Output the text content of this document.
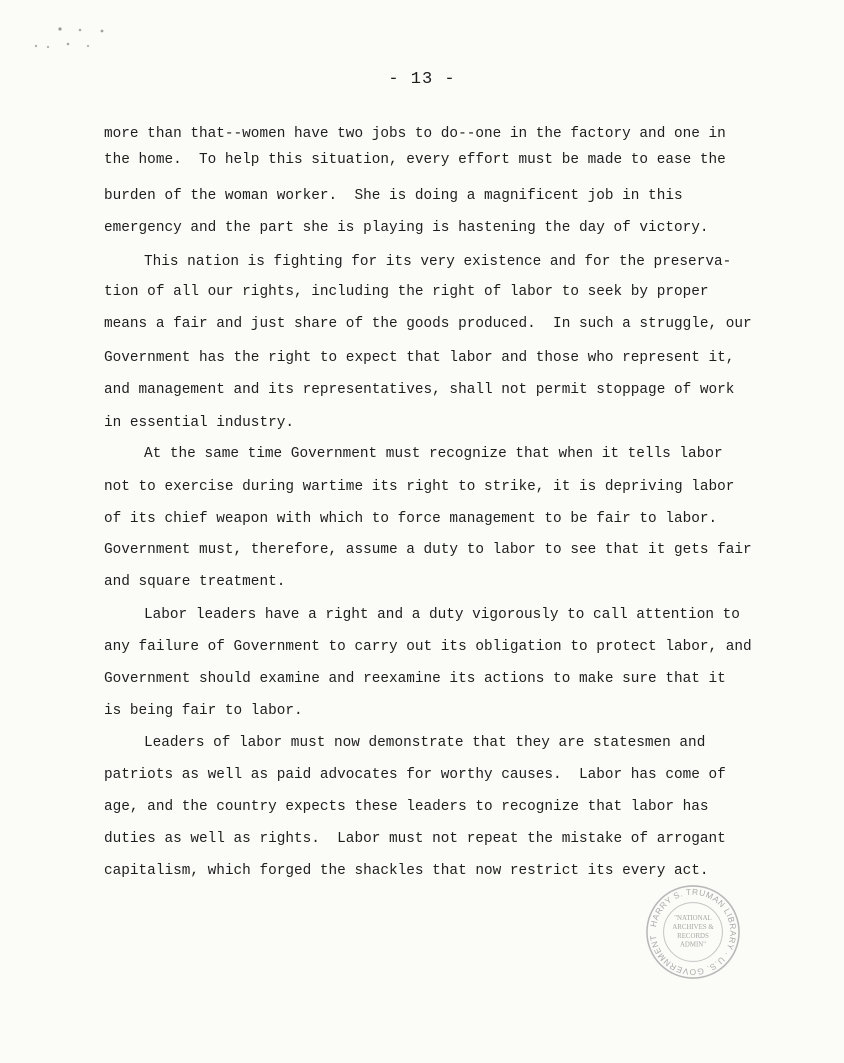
- 13 -
more than that--women have two jobs to do--one in the factory and one in
the home.  To help this situation, every effort must be made to ease the
burden of the woman worker.  She is doing a magnificent job in this
emergency and the part she is playing is hastening the day of victory.
This nation is fighting for its very existence and for the preserva-
tion of all our rights, including the right of labor to seek by proper
means a fair and just share of the goods produced.  In such a struggle, our
Government has the right to expect that labor and those who represent it,
and management and its representatives, shall not permit stoppage of work
in essential industry.
At the same time Government must recognize that when it tells labor
not to exercise during wartime its right to strike, it is depriving labor
of its chief weapon with which to force management to be fair to labor.
Government must, therefore, assume a duty to labor to see that it gets fair
and square treatment.
Labor leaders have a right and a duty vigorously to call attention to
any failure of Government to carry out its obligation to protect labor, and
Government should examine and reexamine its actions to make sure that it
is being fair to labor.
Leaders of labor must now demonstrate that they are statesmen and
patriots as well as paid advocates for worthy causes.  Labor has come of
age, and the country expects these leaders to recognize that labor has
duties as well as rights.  Labor must not repeat the mistake of arrogant
capitalism, which forged the shackles that now restrict its every act.
HARRY S. TRUMAN LIBRARY · U.S. GOVERNMENT
"NATIONAL
ARCHIVES &
RECORDS
ADMIN"
